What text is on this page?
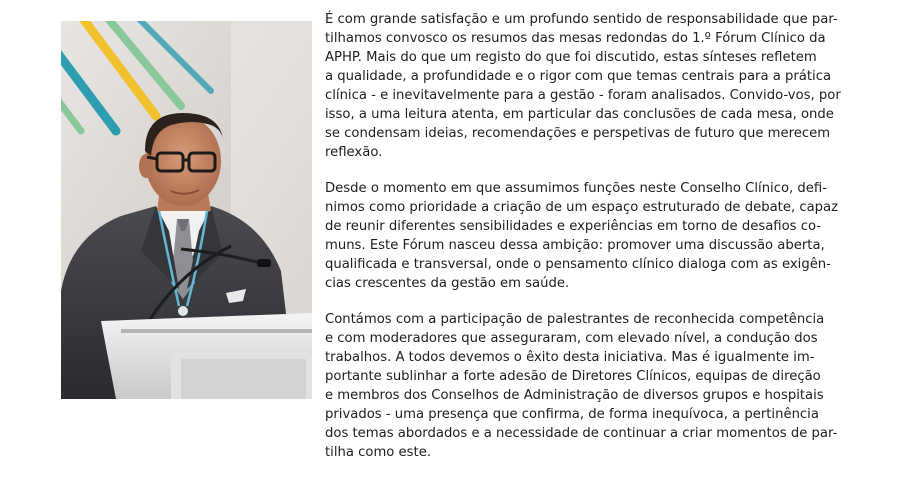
É com grande satisfação e um profundo sentido de responsabilidade que par-
tilhamos convosco os resumos das mesas redondas do 1.º Fórum Clínico da
APHP. Mais do que um registo do que foi discutido, estas sínteses refletem
a qualidade, a profundidade e o rigor com que temas centrais para a prática
clínica - e inevitavelmente para a gestão - foram analisados. Convido-vos, por
isso, a uma leitura atenta, em particular das conclusões de cada mesa, onde
se condensam ideias, recomendações e perspetivas de futuro que merecem
reflexão.

Desde o momento em que assumimos funções neste Conselho Clínico, defi-
nimos como prioridade a criação de um espaço estruturado de debate, capaz
de reunir diferentes sensibilidades e experiências em torno de desafios co-
muns. Este Fórum nasceu dessa ambição: promover uma discussão aberta,
qualificada e transversal, onde o pensamento clínico dialoga com as exigên-
cias crescentes da gestão em saúde.

Contámos com a participação de palestrantes de reconhecida competência
e com moderadores que asseguraram, com elevado nível, a condução dos
trabalhos. A todos devemos o êxito desta iniciativa. Mas é igualmente im-
portante sublinhar a forte adesão de Diretores Clínicos, equipas de direção
e membros dos Conselhos de Administração de diversos grupos e hospitais
privados - uma presença que confirma, de forma inequívoca, a pertinência
dos temas abordados e a necessidade de continuar a criar momentos de par-
tilha como este.
